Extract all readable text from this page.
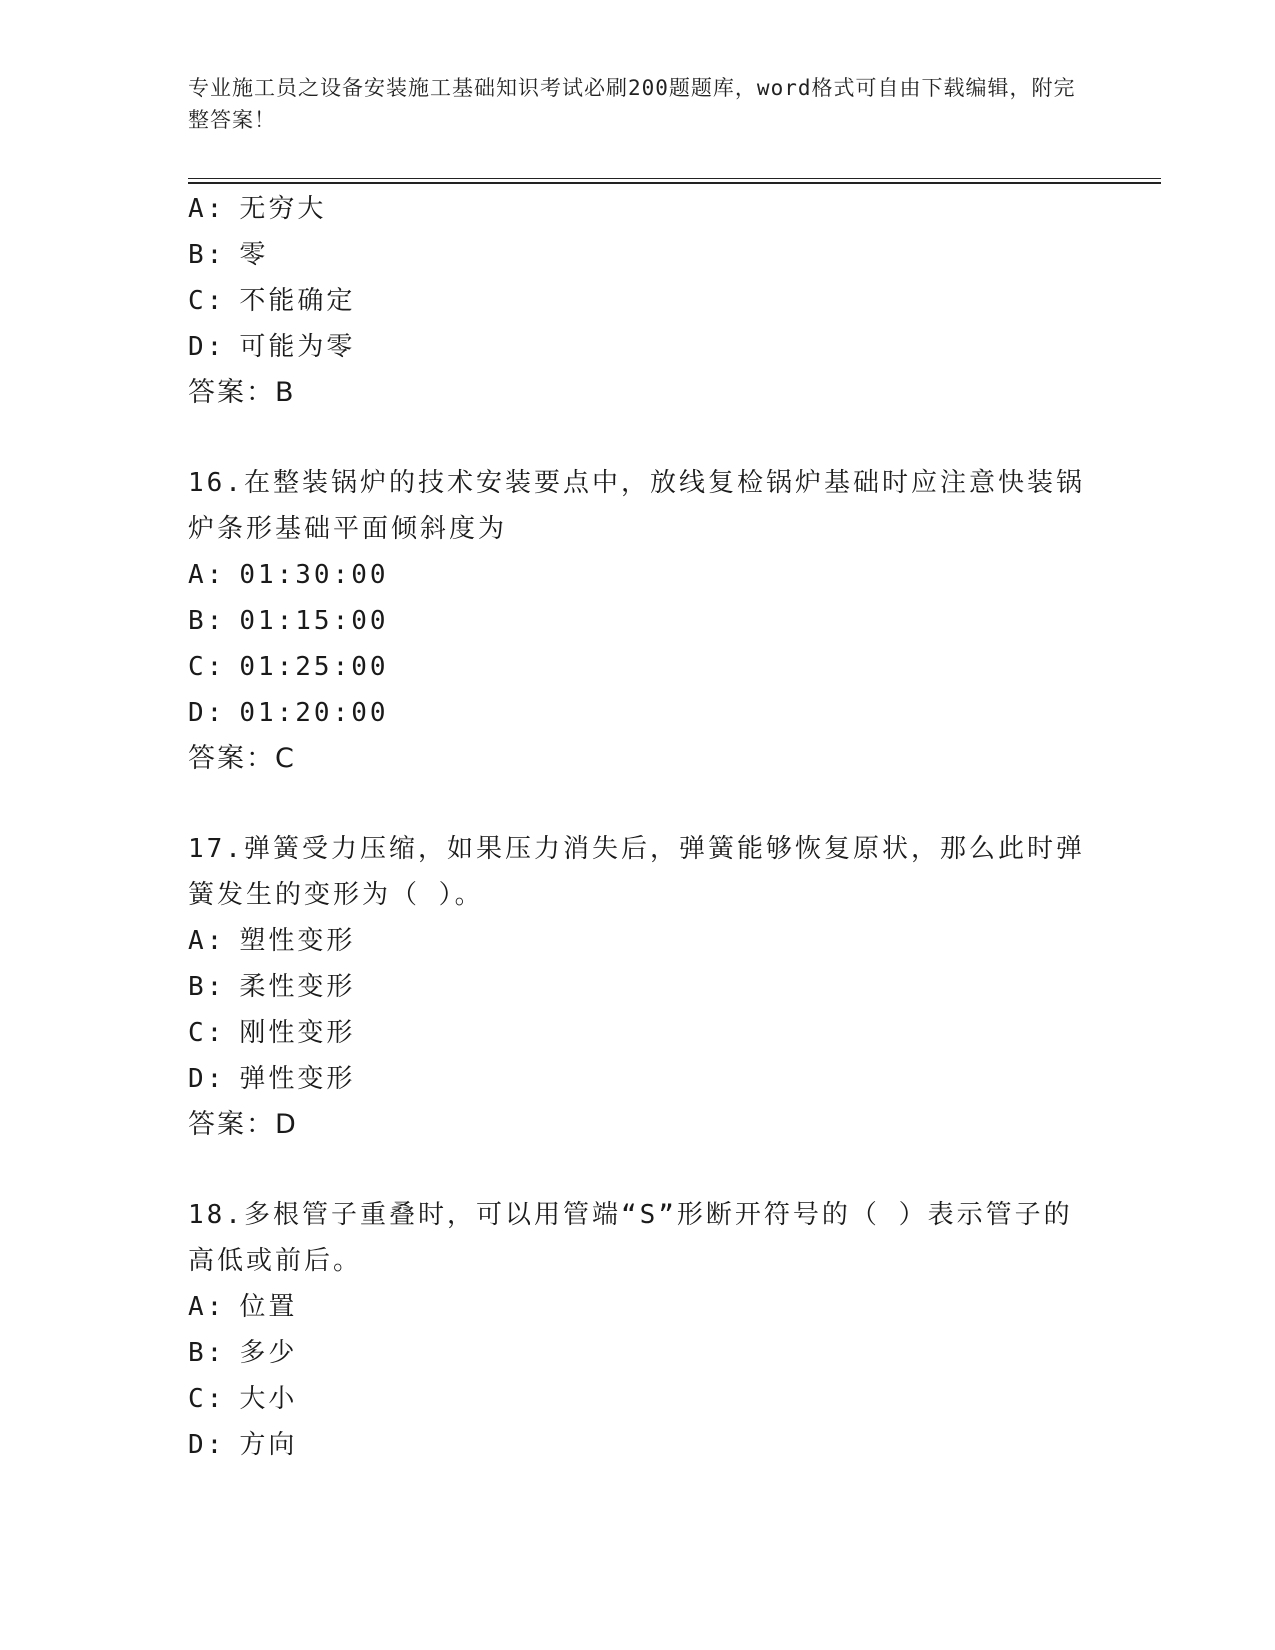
专业施工员之设备安装施工基础知识考试必刷200题题库，word格式可自由下载编辑，附完整答案！
A: 无穷大
B: 零
C: 不能确定
D: 可能为零
答案：B
16.在整装锅炉的技术安装要点中，放线复检锅炉基础时应注意快装锅炉条形基础平面倾斜度为
A: 01:30:00
B: 01:15:00
C: 01:25:00
D: 01:20:00
答案：C
17.弹簧受力压缩，如果压力消失后，弹簧能够恢复原状，那么此时弹簧发生的变形为（ ）。
A: 塑性变形
B: 柔性变形
C: 刚性变形
D: 弹性变形
答案：D
18.多根管子重叠时，可以用管端“S”形断开符号的（ ）表示管子的高低或前后。
A: 位置
B: 多少
C: 大小
D: 方向
